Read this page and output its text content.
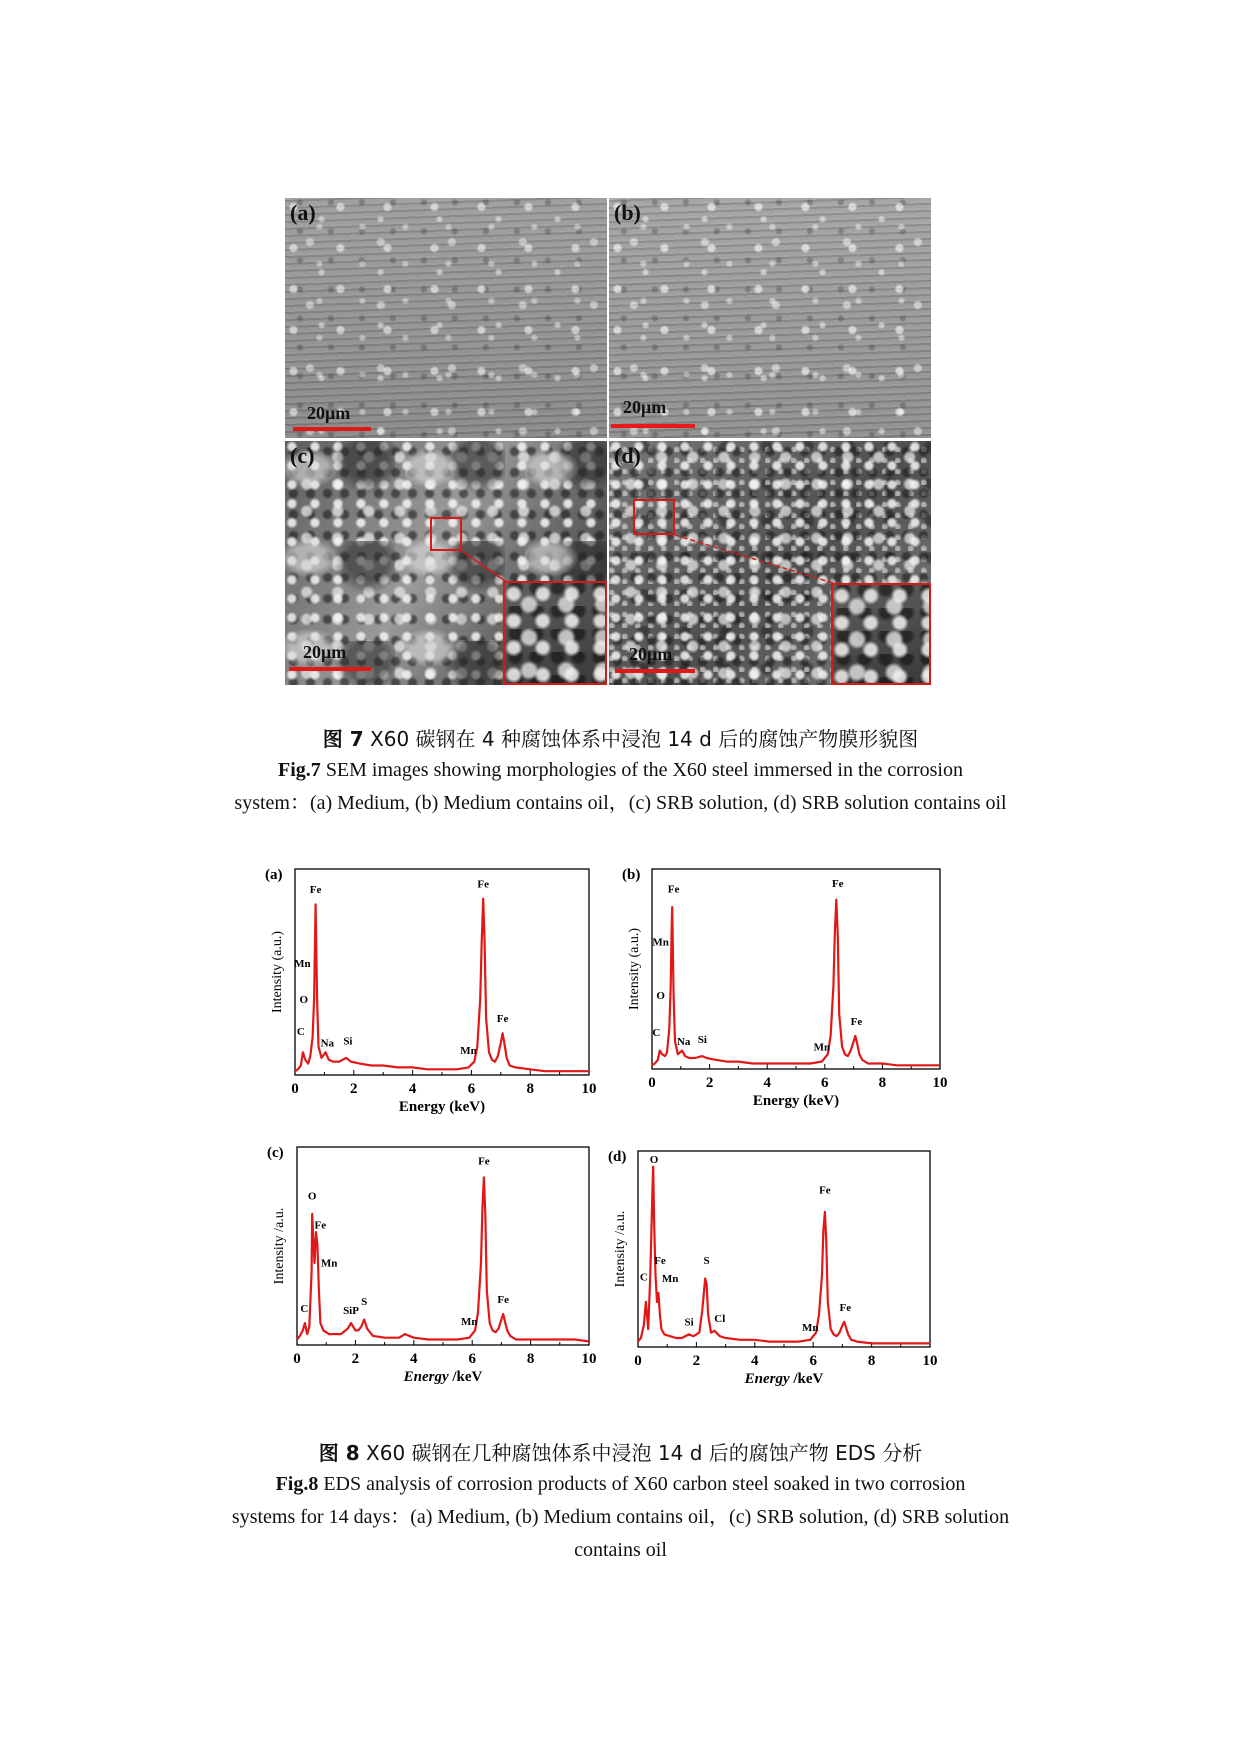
(a)
20μm
(b)
20μm
(c)
20μm
(d)
20μm
图 7 X60 碳钢在 4 种腐蚀体系中浸泡 14 d 后的腐蚀产物膜形貌图
Fig.7 SEM images showing morphologies of the X60 steel immersed in the corrosion
system：(a) Medium, (b) Medium contains oil，(c) SRB solution, (d) SRB solution contains oil
(a)
0	2	4	6	8	10
Energy (keV)
Intensity (a.u.)
Fe	Fe
Fe
Mn
O
C
Na Si
Mn
(b)
0	2	4	6	8	10
Energy (keV)
Intensity (a.u.)
Fe	Fe
Fe
Mn
O
C
Na Si
Mn
(c)
0	2	4	6	8	10
Energy /keV
Intensity /a.u.
O
Fe
Mn
C	SiP
S
Fe
Fe
Mn
(d)
0	2	4	6	8	10
Energy /keV
Intensity /a.u.
O
C
Fe
Mn
S
Si Cl
Fe
Fe
Mn
图 8 X60 碳钢在几种腐蚀体系中浸泡 14 d 后的腐蚀产物 EDS 分析
Fig.8 EDS analysis of corrosion products of X60 carbon steel soaked in two corrosion
systems for 14 days：(a) Medium, (b) Medium contains oil，(c) SRB solution, (d) SRB solution
contains oil
